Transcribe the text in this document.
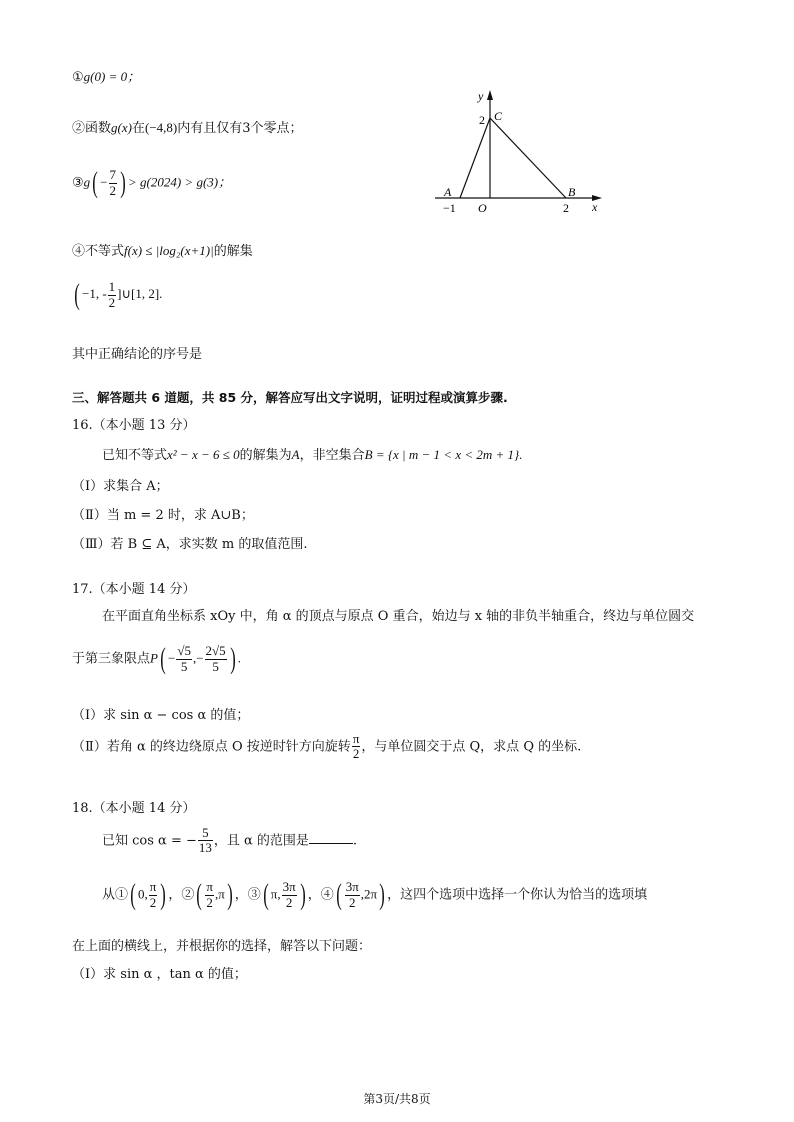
①g(0) = 0；
②函数g(x)在(−4,8)内有且仅有3个零点；
③g( − $\frac{7}{2}$ ) > g(2024) > g(3)；
④不等式f(x) ≤ |log₂(x+1)|的解集
( −1, - $\frac{1}{2}$ ]∪[1, 2].
y
x
C
2
A	B
−1 O	2
其中正确结论的序号是
三、解答题共 6 道题，共 85 分，解答应写出文字说明，证明过程或演算步骤.
16.（本小题 13 分）
已知不等式x² − x − 6 ≤ 0的解集为A，非空集合B = {x | m − 1 < x < 2m + 1}.
（Ⅰ）求集合 A；
（Ⅱ）当 m = 2 时，求 A∪B；
（Ⅲ）若 B ⊆ A，求实数 m 的取值范围.
17.（本小题 14 分）
在平面直角坐标系 xOy 中，角 α 的顶点与原点 O 重合，始边与 x 轴的非负半轴重合，终边与单位圆交
于第三象限点$P( - \frac{√5}{5}$ ,− $\frac{2√5}{5}$ ) .
（Ⅰ）求 sin α − cos α 的值；
（Ⅱ）若角 α 的终边绕原点 O 按逆时针方向旋转 $\frac{\pi}{2}$ ，与单位圆交于点 Q，求点 Q 的坐标.
18.（本小题 14 分）
已知 cos α = − $\frac{5}{13}$ ，且 α 的范围是	.
从①( 0, $\frac{\pi}{2}$ ) ，②( $\frac{\pi}{2} ,\pi$) ，③( π, $\frac{3\pi}{2}$ ) ，④( $\frac{3\pi}{2} ,2\pi$) ，这四个选项中选择一个你认为恰当的选项填
在上面的横线上，并根据你的选择，解答以下问题：
（Ⅰ）求 sin α ，tan α 的值；
第3页/共8页
